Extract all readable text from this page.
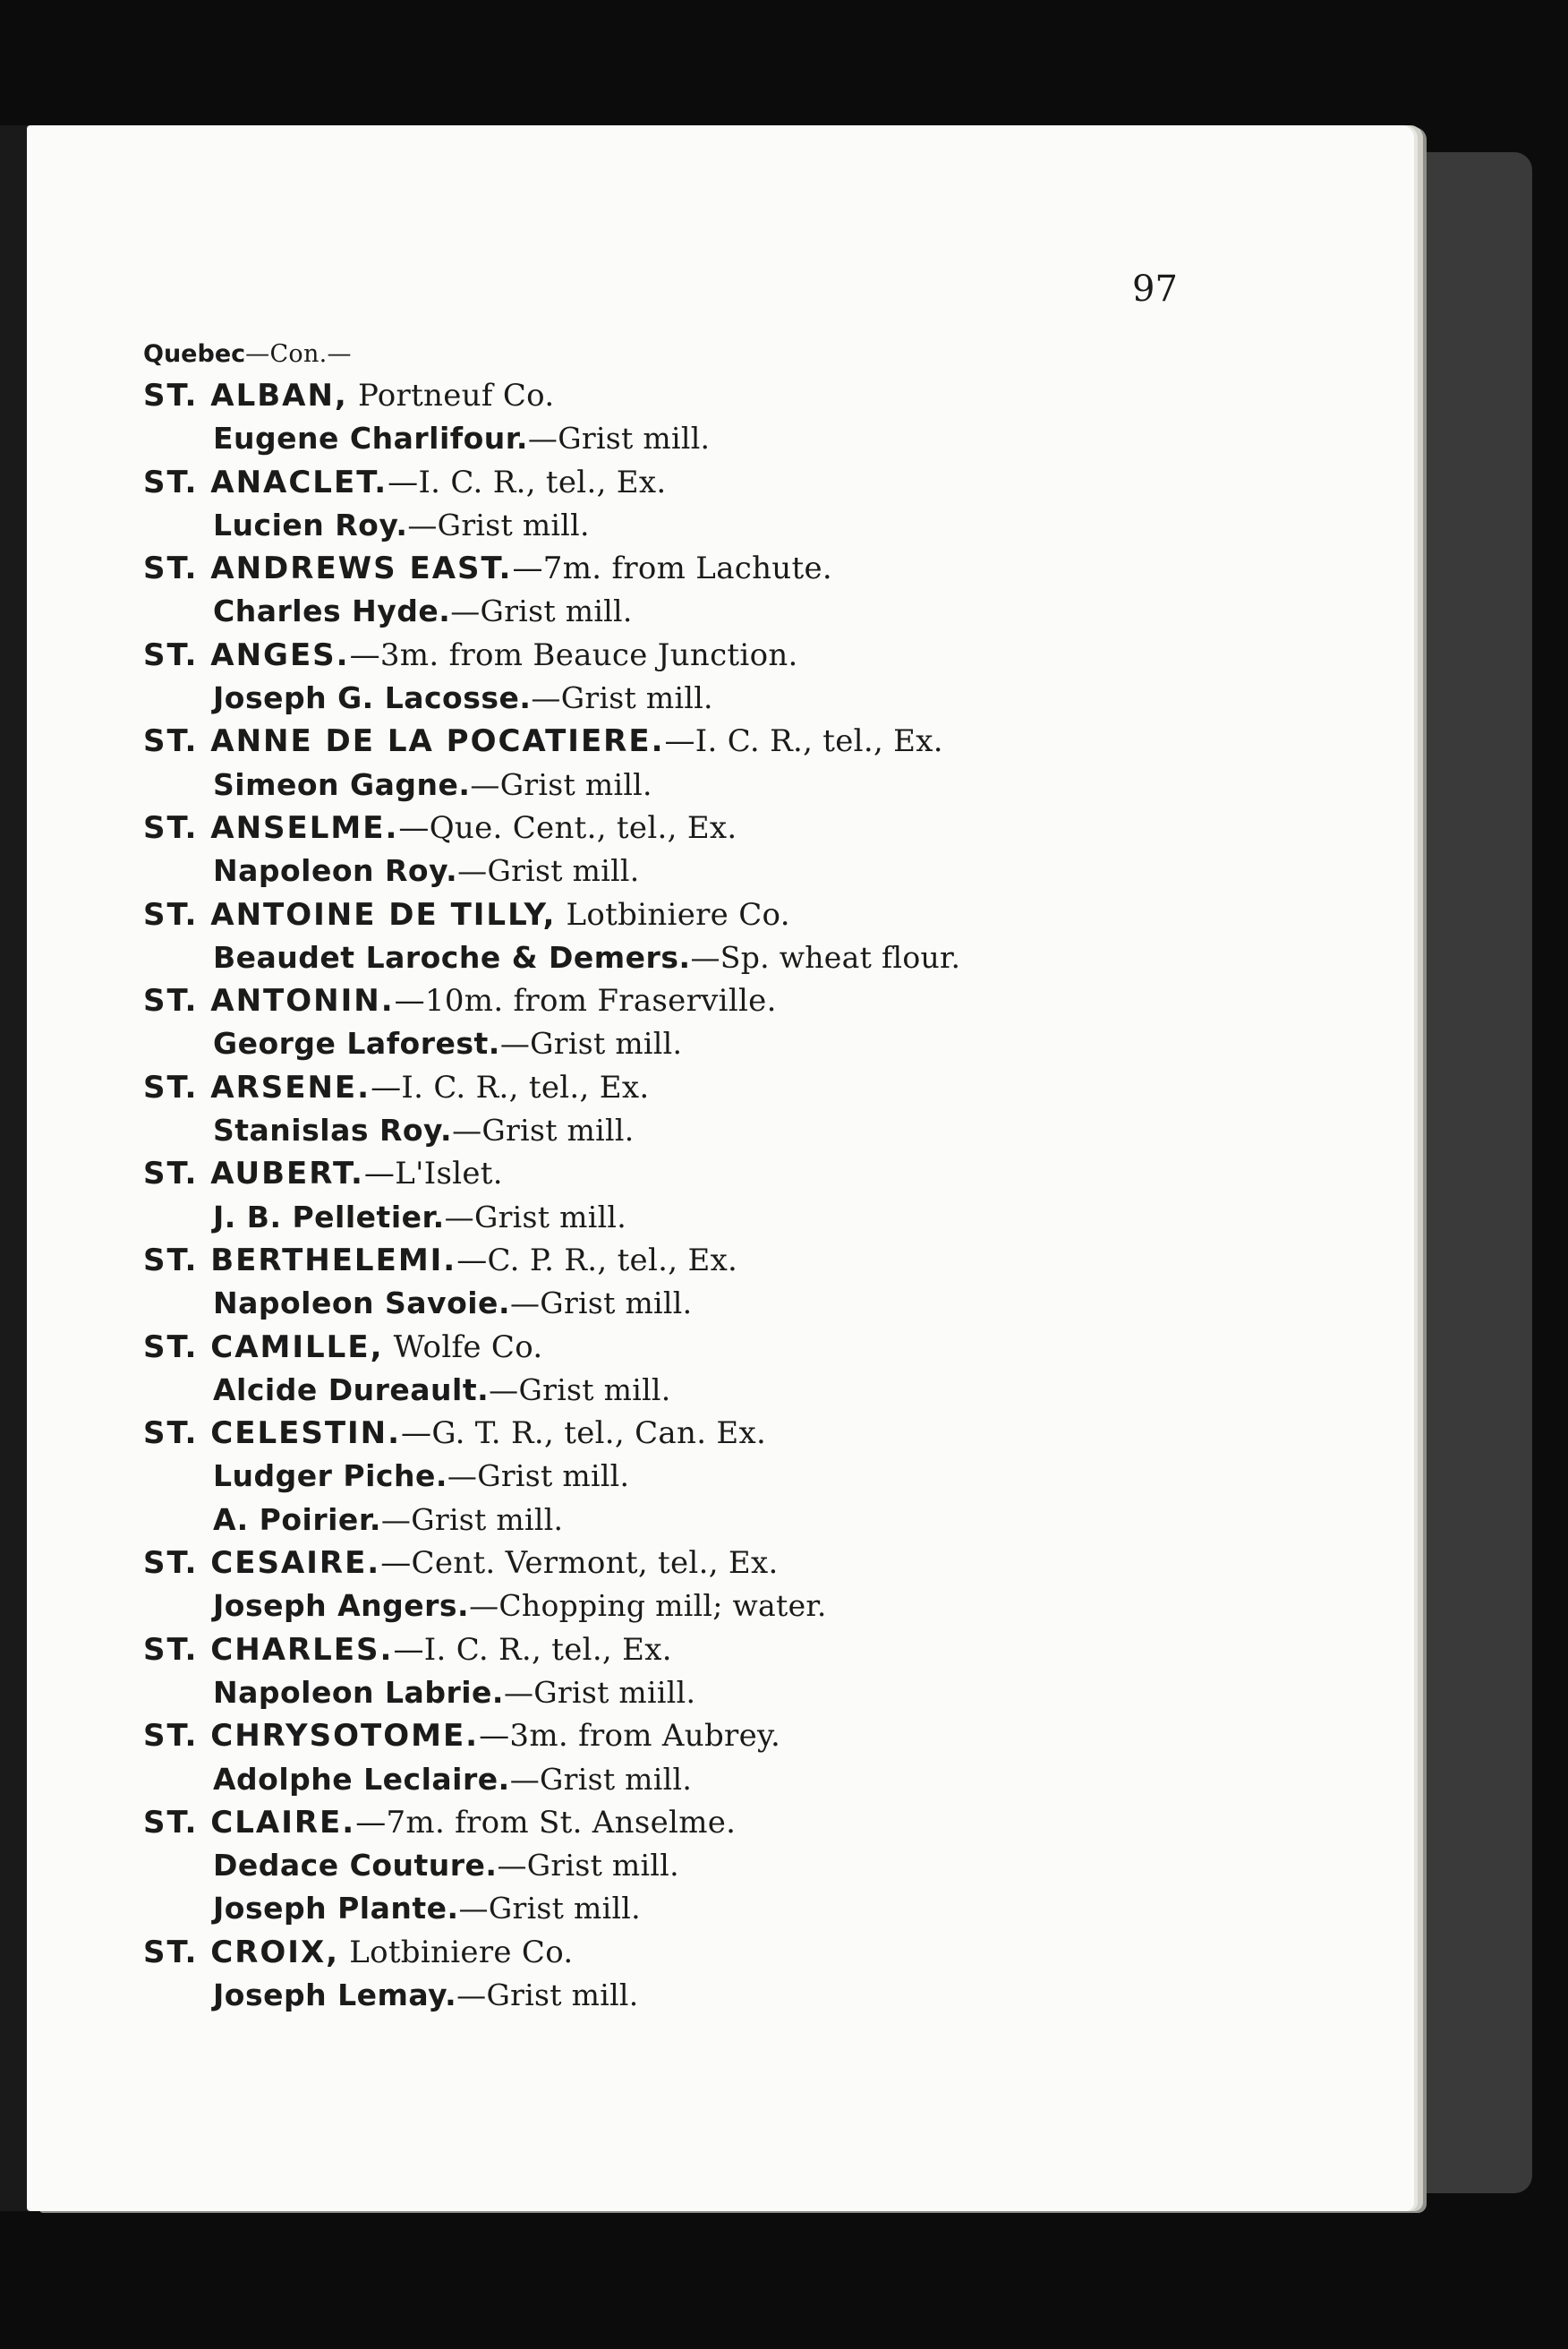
97
Quebec—Con.—
ST. ALBAN, Portneuf Co.
Eugene Charlifour.—Grist mill.
ST. ANACLET.—I. C. R., tel., Ex.
Lucien Roy.—Grist mill.
ST. ANDREWS EAST.—7m. from Lachute.
Charles Hyde.—Grist mill.
ST. ANGES.—3m. from Beauce Junction.
Joseph G. Lacosse.—Grist mill.
ST. ANNE DE LA POCATIERE.—I. C. R., tel., Ex.
Simeon Gagne.—Grist mill.
ST. ANSELME.—Que. Cent., tel., Ex.
Napoleon Roy.—Grist mill.
ST. ANTOINE DE TILLY, Lotbiniere Co.
Beaudet Laroche & Demers.—Sp. wheat flour.
ST. ANTONIN.—10m. from Fraserville.
George Laforest.—Grist mill.
ST. ARSENE.—I. C. R., tel., Ex.
Stanislas Roy.—Grist mill.
ST. AUBERT.—L'Islet.
J. B. Pelletier.—Grist mill.
ST. BERTHELEMI.—C. P. R., tel., Ex.
Napoleon Savoie.—Grist mill.
ST. CAMILLE, Wolfe Co.
Alcide Dureault.—Grist mill.
ST. CELESTIN.—G. T. R., tel., Can. Ex.
Ludger Piche.—Grist mill.
A. Poirier.—Grist mill.
ST. CESAIRE.—Cent. Vermont, tel., Ex.
Joseph Angers.—Chopping mill; water.
ST. CHARLES.—I. C. R., tel., Ex.
Napoleon Labrie.—Grist miill.
ST. CHRYSOTOME.—3m. from Aubrey.
Adolphe Leclaire.—Grist mill.
ST. CLAIRE.—7m. from St. Anselme.
Dedace Couture.—Grist mill.
Joseph Plante.—Grist mill.
ST. CROIX, Lotbiniere Co.
Joseph Lemay.—Grist mill.
